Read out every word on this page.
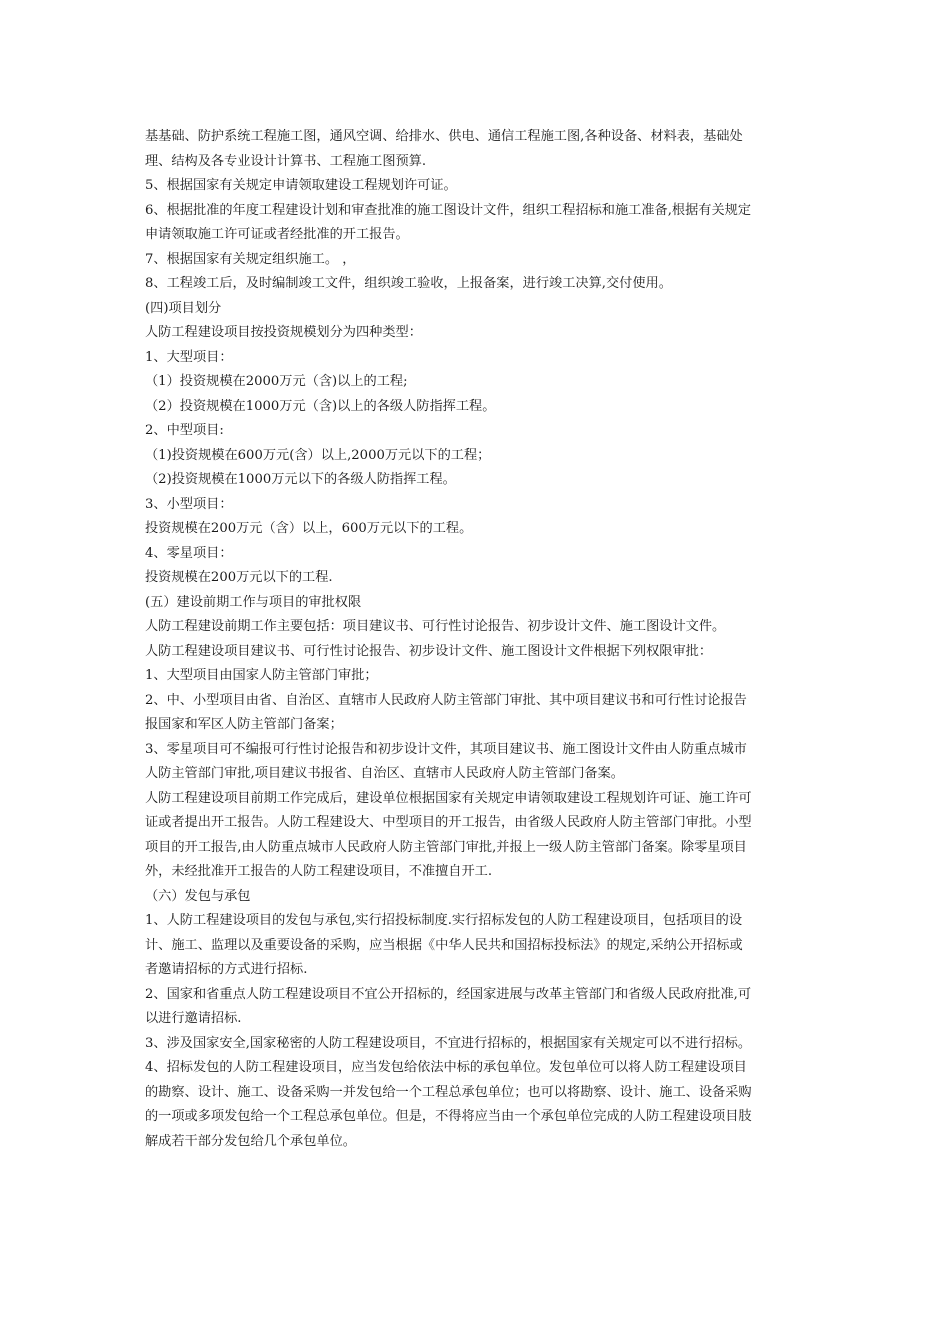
基基础、防护系统工程施工图，通风空调、给排水、供电、通信工程施工图,各种设备、材料表，基础处
理、结构及各专业设计计算书、工程施工图预算.
5、根据国家有关规定申请领取建设工程规划许可证。
6、根据批准的年度工程建设计划和审查批准的施工图设计文件，组织工程招标和施工准备,根据有关规定
申请领取施工许可证或者经批准的开工报告。
7、根据国家有关规定组织施工。 ，
8、工程竣工后，及时编制竣工文件，组织竣工验收，上报备案，进行竣工决算,交付使用。
(四)项目划分
人防工程建设项目按投资规模划分为四种类型：
1、大型项目：
（1）投资规模在2000万元（含)以上的工程;
（2）投资规模在1000万元（含)以上的各级人防指挥工程。
2、中型项目:
（1)投资规模在600万元(含）以上,2000万元以下的工程；
（2)投资规模在1000万元以下的各级人防指挥工程。
3、小型项目：
投资规模在200万元（含）以上，600万元以下的工程。
4、零星项目：
投资规模在200万元以下的工程.
(五）建设前期工作与项目的审批权限
人防工程建设前期工作主要包括：项目建议书、可行性讨论报告、初步设计文件、施工图设计文件。
人防工程建设项目建议书、可行性讨论报告、初步设计文件、施工图设计文件根据下列权限审批：
1、大型项目由国家人防主管部门审批；
2、中、小型项目由省、自治区、直辖市人民政府人防主管部门审批、其中项目建议书和可行性讨论报告
报国家和军区人防主管部门备案；
3、零星项目可不编报可行性讨论报告和初步设计文件，其项目建议书、施工图设计文件由人防重点城市
人防主管部门审批,项目建议书报省、自治区、直辖市人民政府人防主管部门备案。
人防工程建设项目前期工作完成后，建设单位根据国家有关规定申请领取建设工程规划许可证、施工许可
证或者提出开工报告。人防工程建设大、中型项目的开工报告，由省级人民政府人防主管部门审批。小型
项目的开工报告,由人防重点城市人民政府人防主管部门审批,并报上一级人防主管部门备案。除零星项目
外，未经批准开工报告的人防工程建设项目，不准擅自开工.
（六）发包与承包
1、人防工程建设项目的发包与承包,实行招投标制度.实行招标发包的人防工程建设项目，包括项目的设
计、施工、监理以及重要设备的采购，应当根据《中华人民共和国招标投标法》的规定,采纳公开招标或
者邀请招标的方式进行招标.
2、国家和省重点人防工程建设项目不宜公开招标的，经国家进展与改革主管部门和省级人民政府批准,可
以进行邀请招标.
3、涉及国家安全,国家秘密的人防工程建设项目，不宜进行招标的，根据国家有关规定可以不进行招标。
4、招标发包的人防工程建设项目，应当发包给依法中标的承包单位。发包单位可以将人防工程建设项目
的勘察、设计、施工、设备采购一并发包给一个工程总承包单位；也可以将勘察、设计、施工、设备采购
的一项或多项发包给一个工程总承包单位。但是，不得将应当由一个承包单位完成的人防工程建设项目肢
解成若干部分发包给几个承包单位。
